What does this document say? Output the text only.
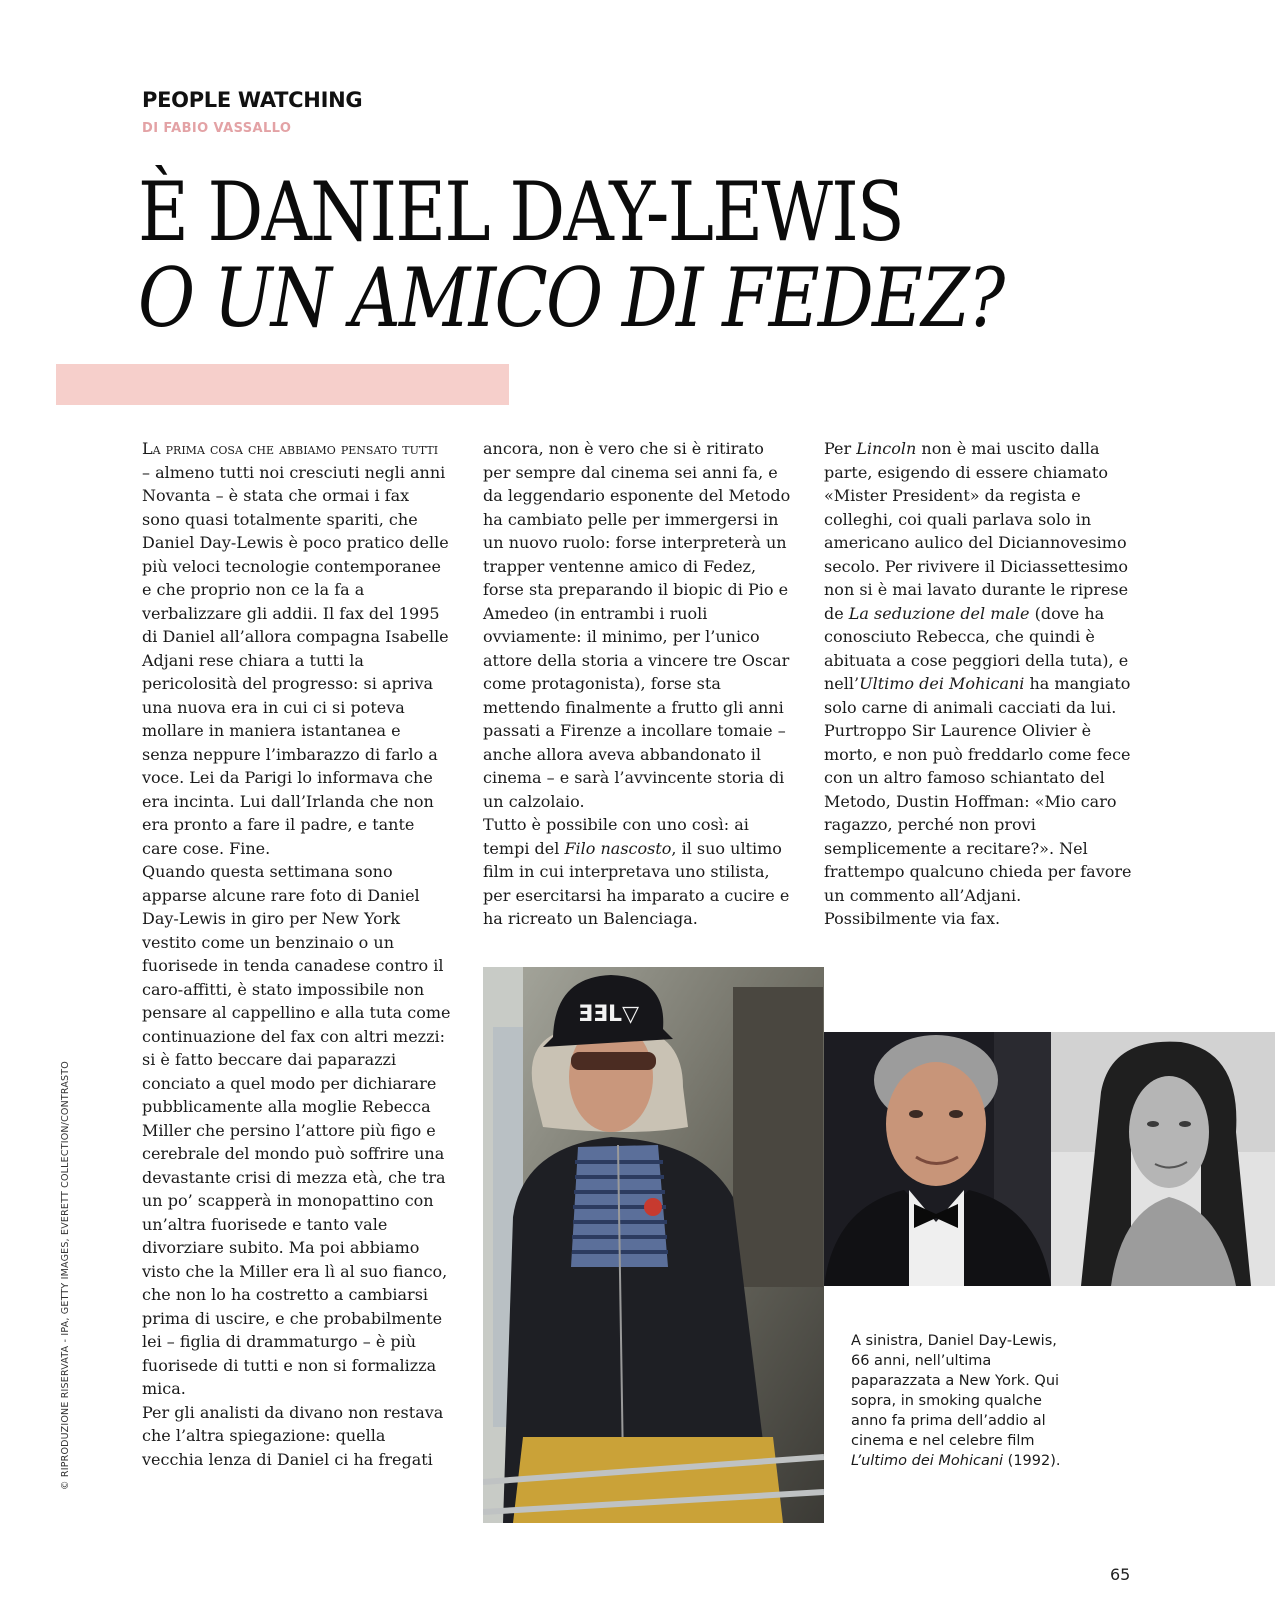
PEOPLE WATCHING
DI FABIO VASSALLO
È DANIEL DAY-LEWIS
O UN AMICO DI FEDEZ?

La prima cosa che abbiamo pensato tutti – almeno tutti noi cresciuti negli anni Novanta – è stata che ormai i fax sono quasi totalmente spariti, che Daniel Day-Lewis è poco pratico delle più veloci tecnologie contemporanee e che proprio non ce la fa a verbalizzare gli addii. Il fax del 1995 di Daniel all’allora compagna Isabelle Adjani rese chiara a tutti la pericolosità del progresso: si apriva una nuova era in cui ci si poteva mollare in maniera istantanea e senza neppure l’imbarazzo di farlo a voce. Lei da Parigi lo informava che era incinta. Lui dall’Irlanda che non era pronto a fare il padre, e tante care cose. Fine.

Quando questa settimana sono apparse alcune rare foto di Daniel Day-Lewis in giro per New York vestito come un benzinaio o un fuorisede in tenda canadese contro il caro-affitti, è stato impossibile non pensare al cappellino e alla tuta come continuazione del fax con altri mezzi: si è fatto beccare dai paparazzi conciato a quel modo per dichiarare pubblicamente alla moglie Rebecca Miller che persino l’attore più figo e cerebrale del mondo può soffrire una devastante crisi di mezza età, che tra un po’ scapperà in monopattino con un’altra fuorisede e tanto vale divorziare subito. Ma poi abbiamo visto che la Miller era lì al suo fianco, che non lo ha costretto a cambiarsi prima di uscire, e che probabilmente lei – figlia di drammaturgo – è più fuorisede di tutti e non si formalizza mica.

Per gli analisti da divano non restava che l’altra spiegazione: quella vecchia lenza di Daniel ci ha fregati

ancora, non è vero che si è ritirato per sempre dal cinema sei anni fa, e da leggendario esponente del Metodo ha cambiato pelle per immergersi in un nuovo ruolo: forse interpreterà un trapper ventenne amico di Fedez, forse sta preparando il biopic di Pio e Amedeo (in entrambi i ruoli ovviamente: il minimo, per l’unico attore della storia a vincere tre Oscar come protagonista), forse sta mettendo finalmente a frutto gli anni passati a Firenze a incollare tomaie – anche allora aveva abbandonato il cinema – e sarà l’avvincente storia di un calzolaio.

Tutto è possibile con uno così: ai tempi del Filo nascosto, il suo ultimo film in cui interpretava uno stilista, per esercitarsi ha imparato a cucire e ha ricreato un Balenciaga.

Per Lincoln non è mai uscito dalla parte, esigendo di essere chiamato «Mister President» da regista e colleghi, coi quali parlava solo in americano aulico del Diciannovesimo secolo. Per rivivere il Diciassettesimo non si è mai lavato durante le riprese de La seduzione del male (dove ha conosciuto Rebecca, che quindi è abituata a cose peggiori della tuta), e nell’Ultimo dei Mohicani ha mangiato solo carne di animali cacciati da lui.

Purtroppo Sir Laurence Olivier è morto, e non può freddarlo come fece con un altro famoso schiantato del Metodo, Dustin Hoffman: «Mio caro ragazzo, perché non provi semplicemente a recitare?». Nel frattempo qualcuno chieda per favore un commento all’Adjani. Possibilmente via fax.

ƎƎL▽
A sinistra, Daniel Day-Lewis, 66 anni, nell’ultima paparazzata a New York. Qui sopra, in smoking qualche anno fa prima dell’addio al cinema e nel celebre film L’ultimo dei Mohicani (1992).
© RIPRODUZIONE RISERVATA - IPA, GETTY IMAGES, EVERETT COLLECTION/CONTRASTO
65
